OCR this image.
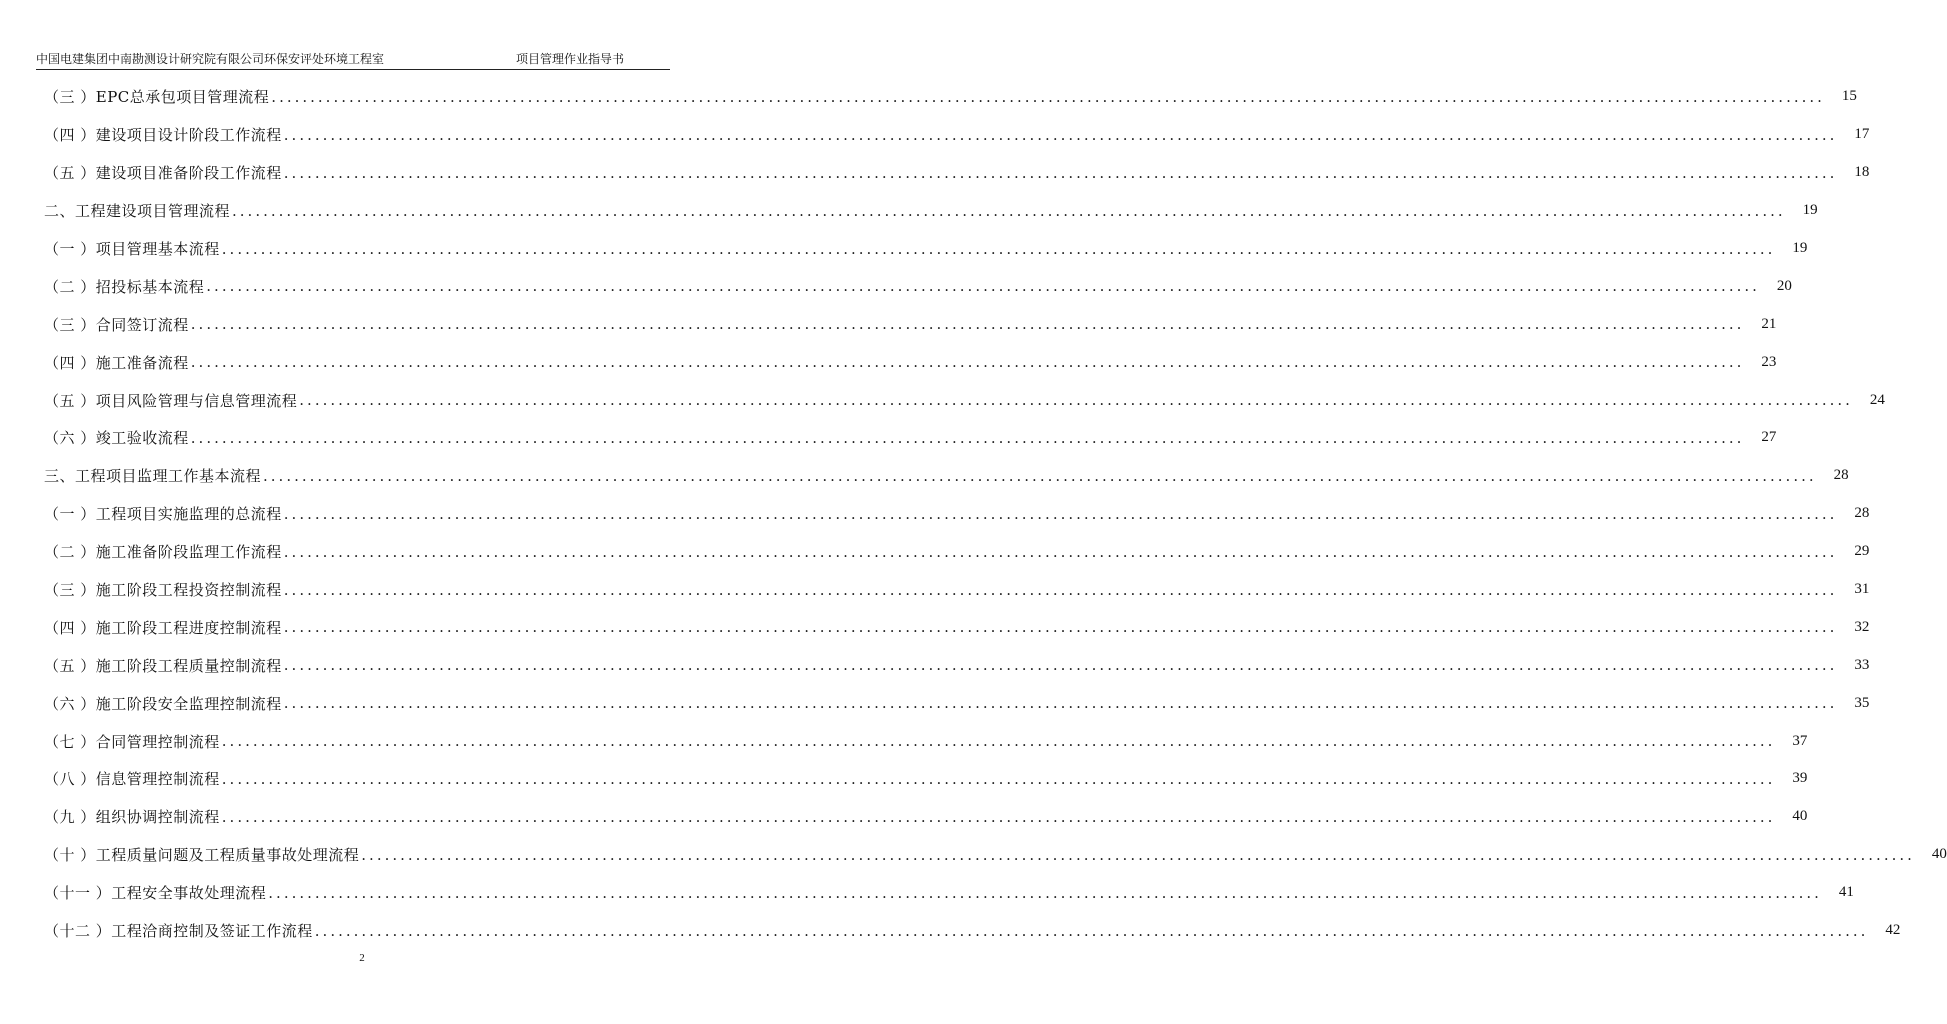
中国电建集团中南勘测设计研究院有限公司环保安评处环境工程室	项目管理作业指导书
（三 ）EPC总承包项目管理流程 ........................................................................................................................................................................................................	15
（四 ）建设项目设计阶段工作流程 ........................................................................................................................................................................................................	17
（五 ）建设项目准备阶段工作流程 ........................................................................................................................................................................................................	18
二、工程建设项目管理流程 ........................................................................................................................................................................................................	19
（一 ）项目管理基本流程 ........................................................................................................................................................................................................	19
（二 ）招投标基本流程 ........................................................................................................................................................................................................	20
（三 ）合同签订流程 ........................................................................................................................................................................................................	21
（四 ）施工准备流程 ........................................................................................................................................................................................................	23
（五 ）项目风险管理与信息管理流程 ........................................................................................................................................................................................................	24
（六 ）竣工验收流程 ........................................................................................................................................................................................................	27
三、工程项目监理工作基本流程 ........................................................................................................................................................................................................	28
（一 ）工程项目实施监理的总流程 ........................................................................................................................................................................................................	28
（二 ）施工准备阶段监理工作流程 ........................................................................................................................................................................................................	29
（三 ）施工阶段工程投资控制流程 ........................................................................................................................................................................................................	31
（四 ）施工阶段工程进度控制流程 ........................................................................................................................................................................................................	32
（五 ）施工阶段工程质量控制流程 ........................................................................................................................................................................................................	33
（六 ）施工阶段安全监理控制流程 ........................................................................................................................................................................................................	35
（七 ）合同管理控制流程 ........................................................................................................................................................................................................	37
（八 ）信息管理控制流程 ........................................................................................................................................................................................................	39
（九 ）组织协调控制流程 ........................................................................................................................................................................................................	40
（十 ）工程质量问题及工程质量事故处理流程 ........................................................................................................................................................................................................	40
（十一 ）工程安全事故处理流程 ........................................................................................................................................................................................................	41
（十二 ）工程洽商控制及签证工作流程 ........................................................................................................................................................................................................	42
2
